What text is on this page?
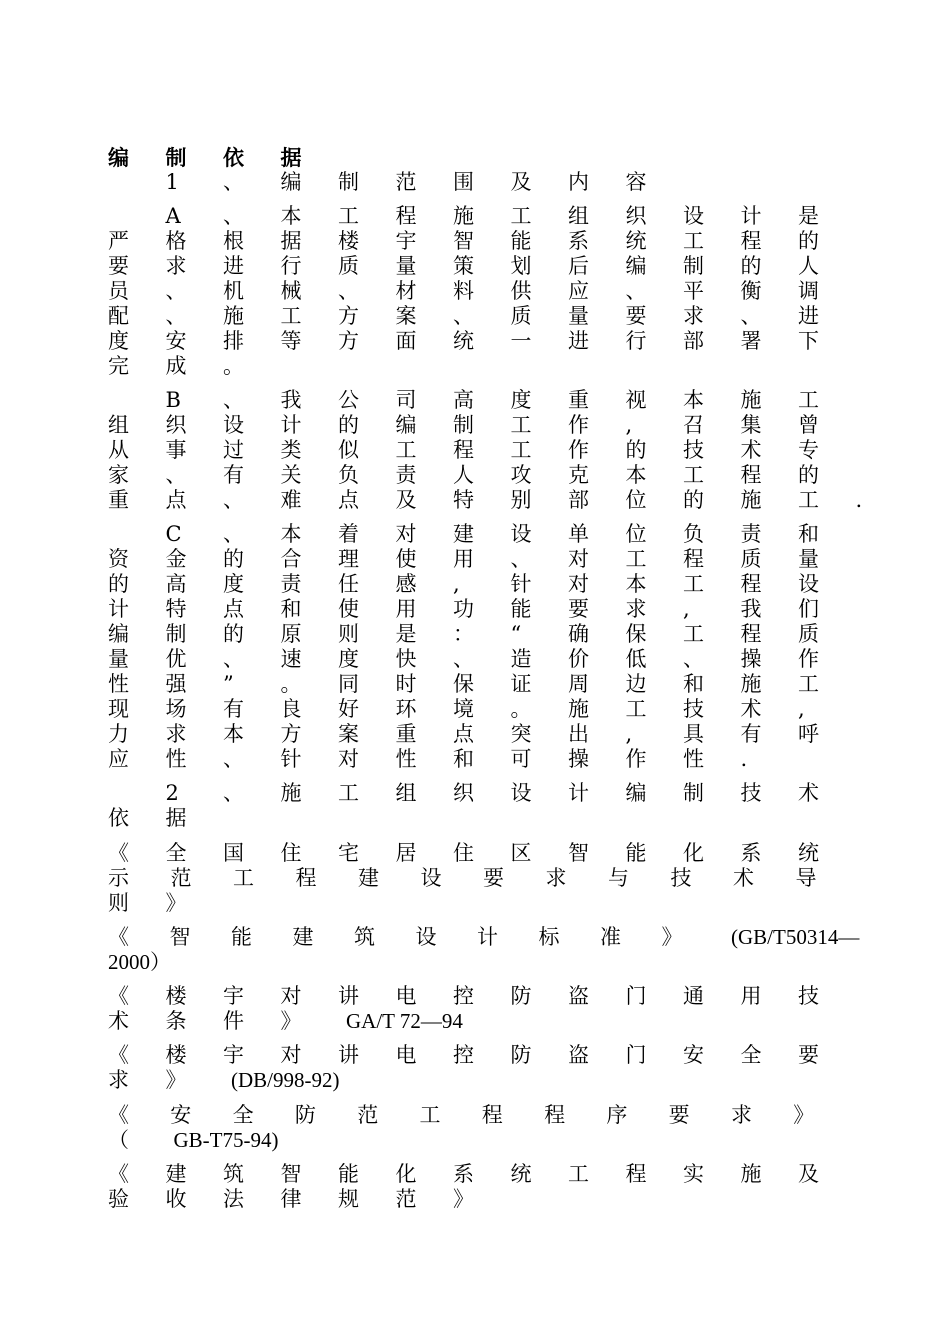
编	制	依	据
1	、	编	制	范	围	及	内	容
A	、	本	工	程	施	工	组	织	设	计	是
严	格	根	据	楼	宇	智	能	系	统	工	程	的
要	求	进	行	质	量	策	划	后	编	制	的	人
员	、	机	械	、	材	料	供	应	、	平	衡	调
配	、	施	工	方	案	、	质	量	要	求	、	进
度	安	排	等	方	面	统	一	进	行	部	署	下
完	成	。
B	、	我	公	司	高	度	重	视	本	施	工
组	织	设	计	的	编	制	工	作	,	召	集	曾
从	事	过	类	似	工	程	工	作	的	技	术	专
家	、	有	关	负	责	人	攻	克	本	工	程	的
重	点	、	难	点	及	特	别	部	位	的	施	工	.
C	、	本	着	对	建	设	单	位	负	责	和
资	金	的	合	理	使	用	、	对	工	程	质	量
的	高	度	责	任	感	,	针	对	本	工	程	设
计	特	点	和	使	用	功	能	要	求	,	我	们
编	制	的	原	则	是	：	“	确	保	工	程	质
量	优	、	速	度	快	、	造	价	低	、	操	作
性	强	”	。	同	时	保	证	周	边	和	施	工
现	场	有	良	好	环	境	。	施	工	技	术	,
力	求	本	方	案	重	点	突	出	,	具	有	呼
应	性	、	针	对	性	和	可	操	作	性	.
2	、	施	工	组	织	设	计	编	制	技	术
依	据
《	全	国	住	宅	居	住	区	智	能	化	系	统
示	范	工	程	建	设	要	求	与	技	术	导
则	》
《	智	能	建	筑	设	计	标	准	》	(GB/T50314—
2000 ）
《	楼	宇	对	讲	电	控	防	盗	门	通	用	技
术	条	件	》	GA/T 72—94
《	楼	宇	对	讲	电	控	防	盗	门	安	全	要
求	》	(DB/998-92)
《	安	全	防	范	工	程	程	序	要	求	》
（	GB-T75-94)
《	建	筑	智	能	化	系	统	工	程	实	施	及
验	收	法	律	规	范	》
